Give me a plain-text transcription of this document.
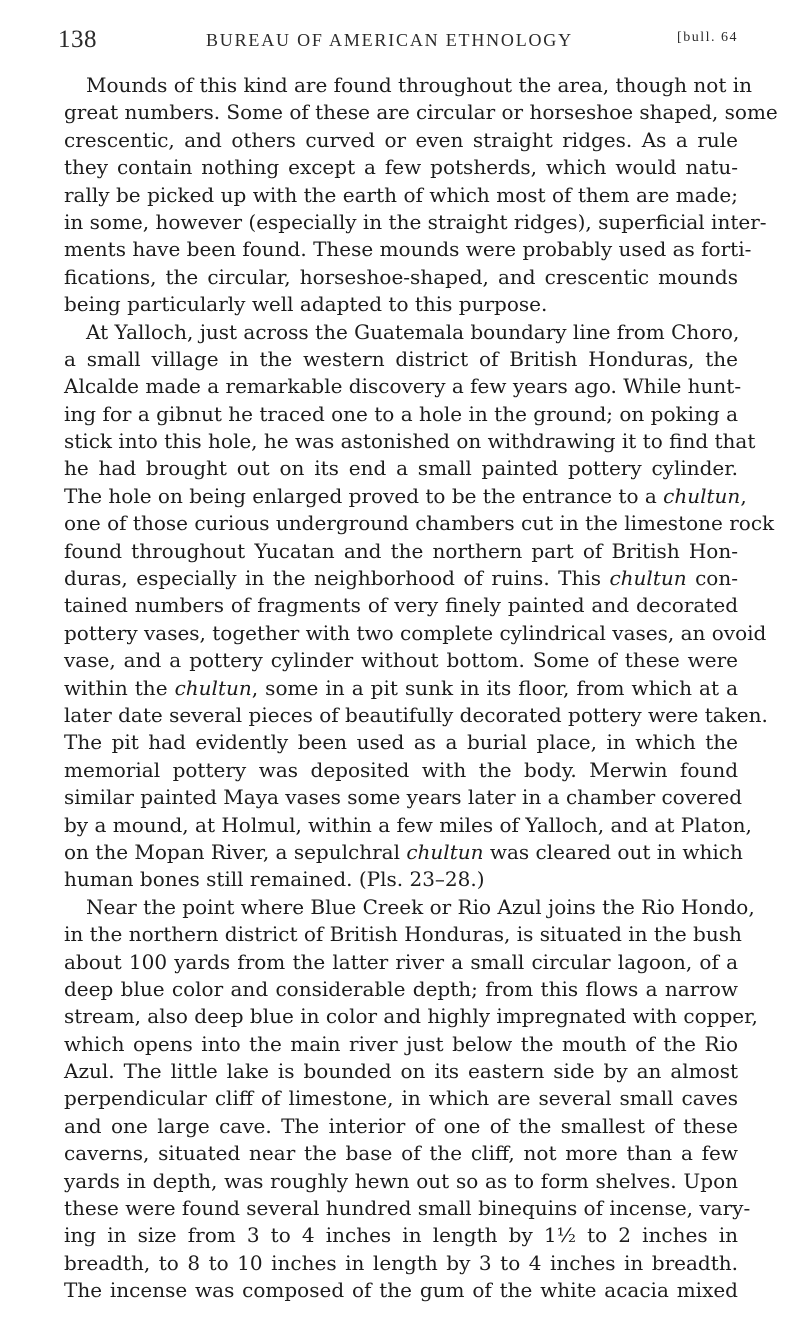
138	BUREAU OF AMERICAN ETHNOLOGY	[bull. 64
Mounds of this kind are found throughout the area, though not in
great numbers. Some of these are circular or horseshoe shaped, some
crescentic, and others curved or even straight ridges. As a rule
they contain nothing except a few potsherds, which would natu-
rally be picked up with the earth of which most of them are made;
in some, however (especially in the straight ridges), superficial inter-
ments have been found. These mounds were probably used as forti-
fications, the circular, horseshoe-shaped, and crescentic mounds
being particularly well adapted to this purpose.
At Yalloch, just across the Guatemala boundary line from Choro,
a small village in the western district of British Honduras, the
Alcalde made a remarkable discovery a few years ago. While hunt-
ing for a gibnut he traced one to a hole in the ground; on poking a
stick into this hole, he was astonished on withdrawing it to find that
he had brought out on its end a small painted pottery cylinder.
The hole on being enlarged proved to be the entrance to a chultun,
one of those curious underground chambers cut in the limestone rock
found throughout Yucatan and the northern part of British Hon-
duras, especially in the neighborhood of ruins. This chultun con-
tained numbers of fragments of very finely painted and decorated
pottery vases, together with two complete cylindrical vases, an ovoid
vase, and a pottery cylinder without bottom. Some of these were
within the chultun, some in a pit sunk in its floor, from which at a
later date several pieces of beautifully decorated pottery were taken.
The pit had evidently been used as a burial place, in which the
memorial pottery was deposited with the body. Merwin found
similar painted Maya vases some years later in a chamber covered
by a mound, at Holmul, within a few miles of Yalloch, and at Platon,
on the Mopan River, a sepulchral chultun was cleared out in which
human bones still remained. (Pls. 23–28.)
Near the point where Blue Creek or Rio Azul joins the Rio Hondo,
in the northern district of British Honduras, is situated in the bush
about 100 yards from the latter river a small circular lagoon, of a
deep blue color and considerable depth; from this flows a narrow
stream, also deep blue in color and highly impregnated with copper,
which opens into the main river just below the mouth of the Rio
Azul. The little lake is bounded on its eastern side by an almost
perpendicular cliff of limestone, in which are several small caves
and one large cave. The interior of one of the smallest of these
caverns, situated near the base of the cliff, not more than a few
yards in depth, was roughly hewn out so as to form shelves. Upon
these were found several hundred small binequins of incense, vary-
ing in size from 3 to 4 inches in length by 1½ to 2 inches in
breadth, to 8 to 10 inches in length by 3 to 4 inches in breadth.
The incense was composed of the gum of the white acacia mixed
